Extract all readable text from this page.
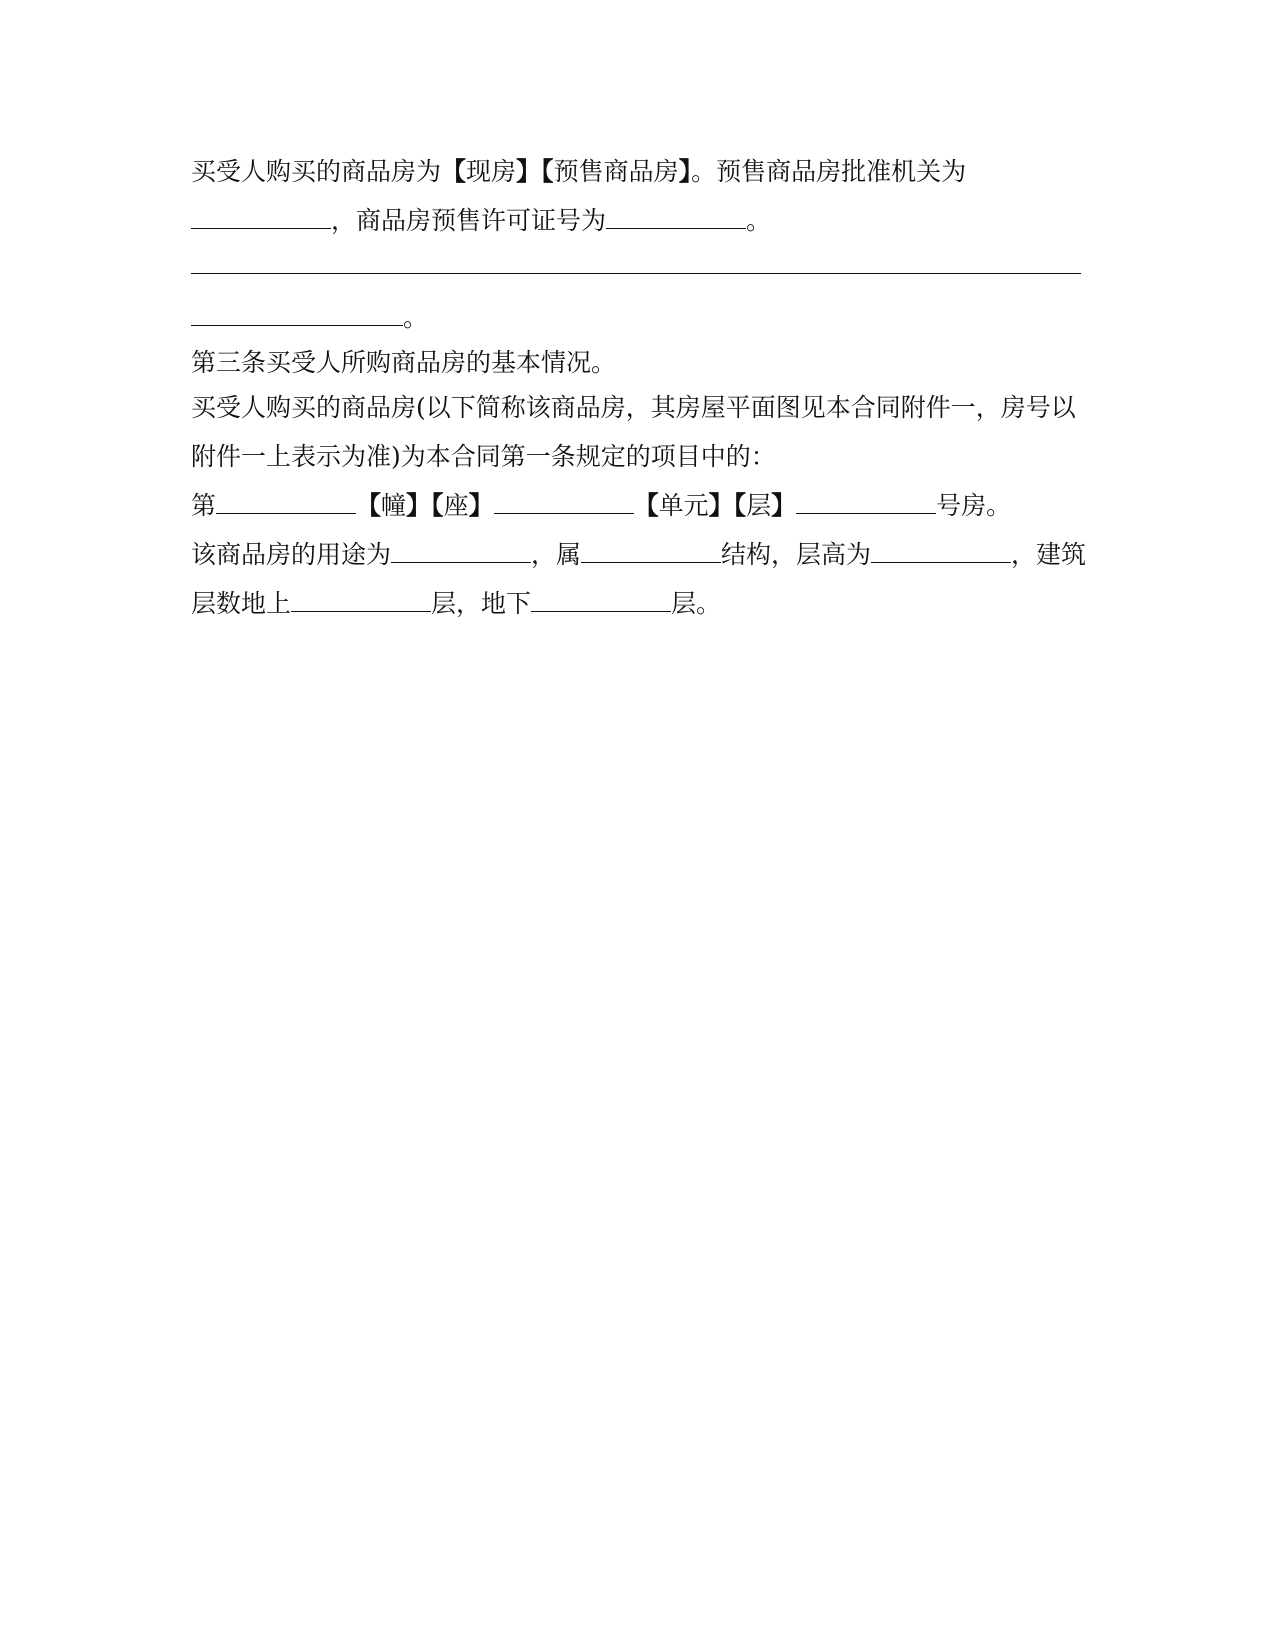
买受人购买的商品房为【现房】【预售商品房】。预售商品房批准机关为
，商品房预售许可证号为	。
。
第三条买受人所购商品房的基本情况。
买受人购买的商品房(以下简称该商品房，其房屋平面图见本合同附件一，房号以
附件一上表示为准)为本合同第一条规定的项目中的：
第	【幢】【座】	【单元】【层】	号房。
该商品房的用途为	，属	结构，层高为	，建筑
层数地上	层，地下	层。
